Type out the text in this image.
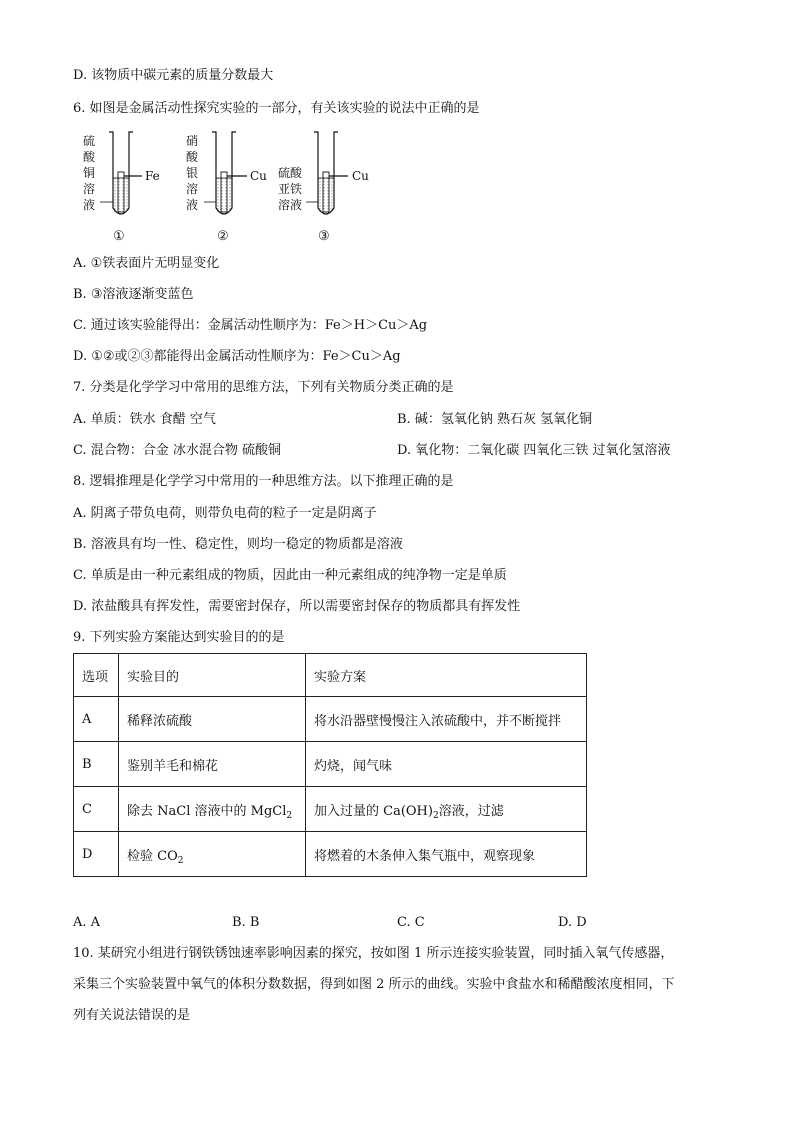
D. 该物质中碳元素的质量分数最大
6. 如图是金属活动性探究实验的一部分，有关该实验的说法中正确的是
硫
酸
铜
溶
液
硝
酸
银
溶
液
硫酸
亚铁
溶液
Fe
①
Cu
②
Cu
③
A. ①铁表面片无明显变化
B. ③溶液逐渐变蓝色
C. 通过该实验能得出：金属活动性顺序为：Fe＞H＞Cu＞Ag
D. ①②或②③都能得出金属活动性顺序为：Fe＞Cu＞Ag
7. 分类是化学学习中常用的思维方法，下列有关物质分类正确的是
A. 单质：铁水 食醋 空气	B. 碱：氢氧化钠 熟石灰 氢氧化铜
C. 混合物：合金 冰水混合物 硫酸铜	D. 氧化物：二氧化碳 四氧化三铁 过氧化氢溶液
8. 逻辑推理是化学学习中常用的一种思维方法。以下推理正确的是
A. 阴离子带负电荷，则带负电荷的粒子一定是阴离子
B. 溶液具有均一性、稳定性，则均一稳定的物质都是溶液
C. 单质是由一种元素组成的物质，因此由一种元素组成的纯净物一定是单质
D. 浓盐酸具有挥发性，需要密封保存，所以需要密封保存的物质都具有挥发性
9. 下列实验方案能达到实验目的的是
选项	实验目的	实验方案
A	稀释浓硫酸	将水沿器壁慢慢注入浓硫酸中，并不断搅拌
B	鉴别羊毛和棉花	灼烧，闻气味
C	除去 NaCl 溶液中的 MgCl$_2$	加入过量的 $Ca(OH)_2$溶液，过滤
D	检验 $CO_2$	将燃着的木条伸入集气瓶中，观察现象
A. A	B. B	C. C	D. D
10. 某研究小组进行钢铁锈蚀速率影响因素的探究，按如图 1 所示连接实验装置，同时插入氧气传感器，
采集三个实验装置中氧气的体积分数数据，得到如图 2 所示的曲线。实验中食盐水和稀醋酸浓度相同，下
列有关说法错误的是
